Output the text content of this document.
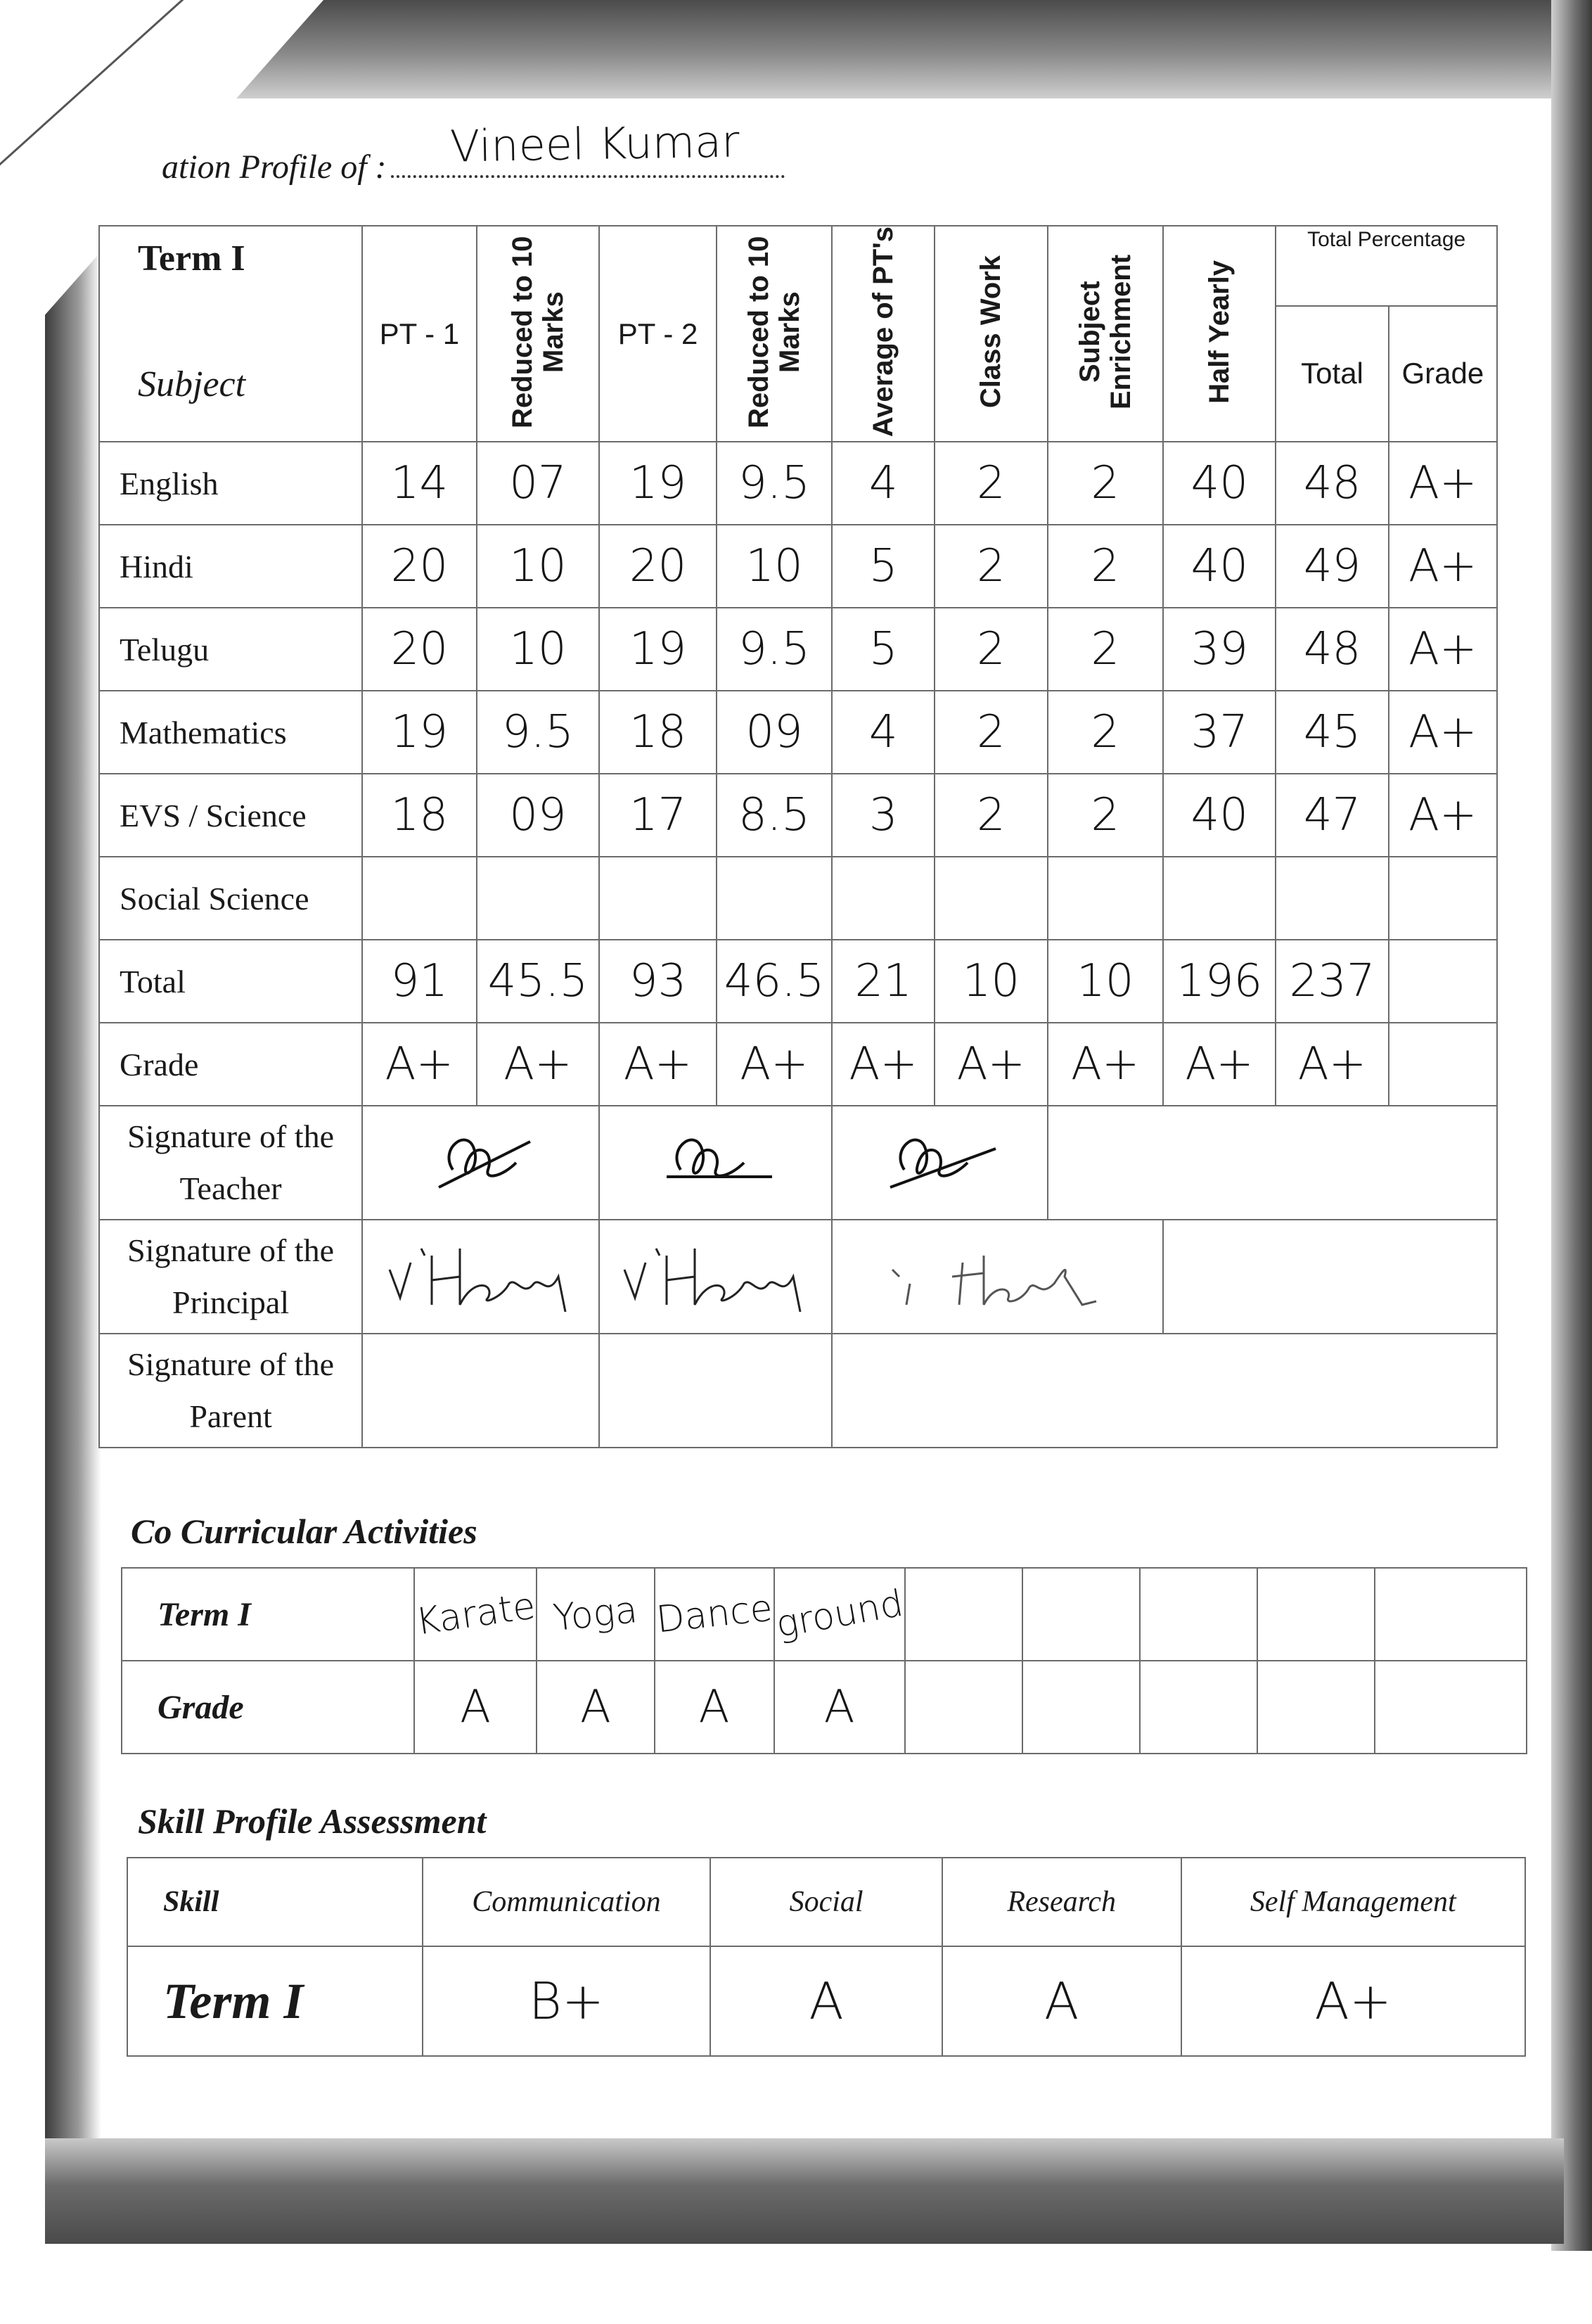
ation Profile of :	Vineel Kumar
Term I
Subject	PT - 1	Reduced to 10 Marks	PT - 2	Reduced to 10 Marks	Average of PT's	Class Work	Subject Enrichment	Half Yearly	Total Percentage	
									Total	Grade
English	14	07	19	9.5	4	2	2	40	48	A+
Hindi	20	10	20	10	5	2	2	40	49	A+
Telugu	20	10	19	9.5	5	2	2	39	48	A+
Mathematics	19	9.5	18	09	4	2	2	37	45	A+
EVS / Science	18	09	17	8.5	3	2	2	40	47	A+
Social Science										
Total	91	45.5	93	46.5	21	10	10	196	237	
Grade	A+	A+	A+	A+	A+	A+	A+	A+	A+	
Signature of the
Teacher	

Signature of the
Principal	

Signature of the
Parent										
Co Curricular Activities
Term I	Karate	Yoga	Dance	ground					
Grade	A	A	A	A					
Skill Profile Assessment
Skill	Communication	Social	Research	Self Management
Term I	B+	A	A	A+
